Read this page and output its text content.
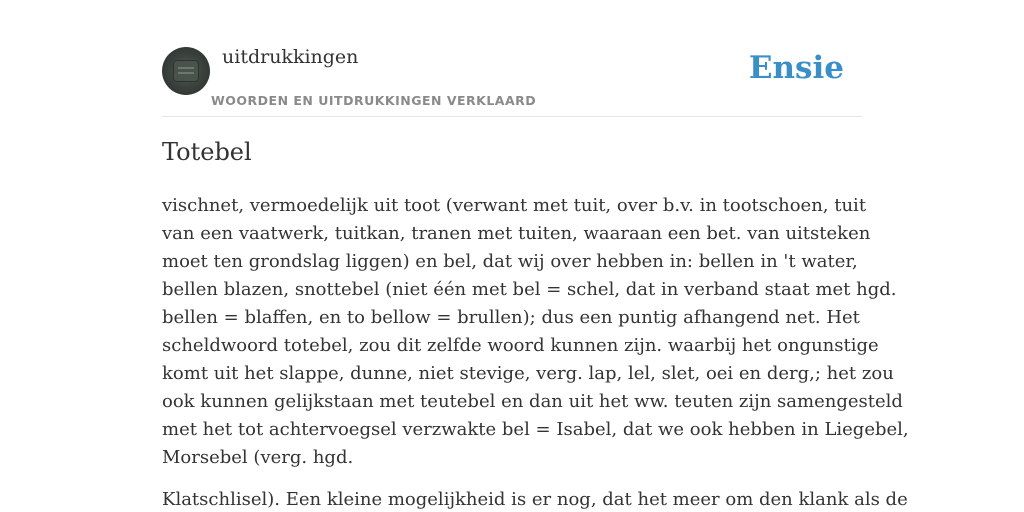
uitdrukkingen
WOORDEN EN UITDRUKKINGEN VERKLAARD
Ensie
Totebel

vischnet, vermoedelijk uit toot (verwant met tuit, over b.v. in tootschoen, tuit
van een vaatwerk, tuitkan, tranen met tuiten, waaraan een bet. van uitsteken
moet ten grondslag liggen) en bel, dat wij over hebben in: bellen in 't water,
bellen blazen, snottebel (niet één met bel = schel, dat in verband staat met hgd.
bellen = blaffen, en to bellow = brullen); dus een puntig afhangend net. Het
scheldwoord totebel, zou dit zelfde woord kunnen zijn. waarbij het ongunstige
komt uit het slappe, dunne, niet stevige, verg. lap, lel, slet, oei en derg,; het zou
ook kunnen gelijkstaan met teutebel en dan uit het ww. teuten zijn samengesteld
met het tot achtervoegsel verzwakte bel = Isabel, dat we ook hebben in Liegebel,
Morsebel (verg. hgd.

Klatschlisel). Een kleine mogelijkheid is er nog, dat het meer om den klank als de
